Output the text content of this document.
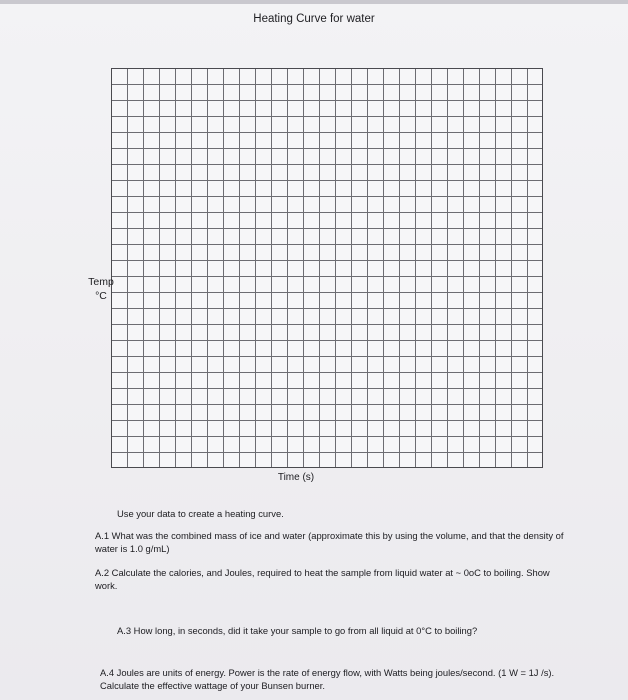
Heating Curve for water
Temp
°C
Time (s)
Use your data to create a heating curve.
A.1 What was the combined mass of ice and water (approximate this by using the volume, and that the density of water is 1.0 g/mL)
A.2 Calculate the calories, and Joules, required to heat the sample from liquid water at ~ 0oC to boiling. Show work.
A.3 How long, in seconds, did it take your sample to go from all liquid at 0°C to boiling?
A.4 Joules are units of energy. Power is the rate of energy flow, with Watts being joules/second. (1 W = 1J /s). Calculate the effective wattage of your Bunsen burner.
